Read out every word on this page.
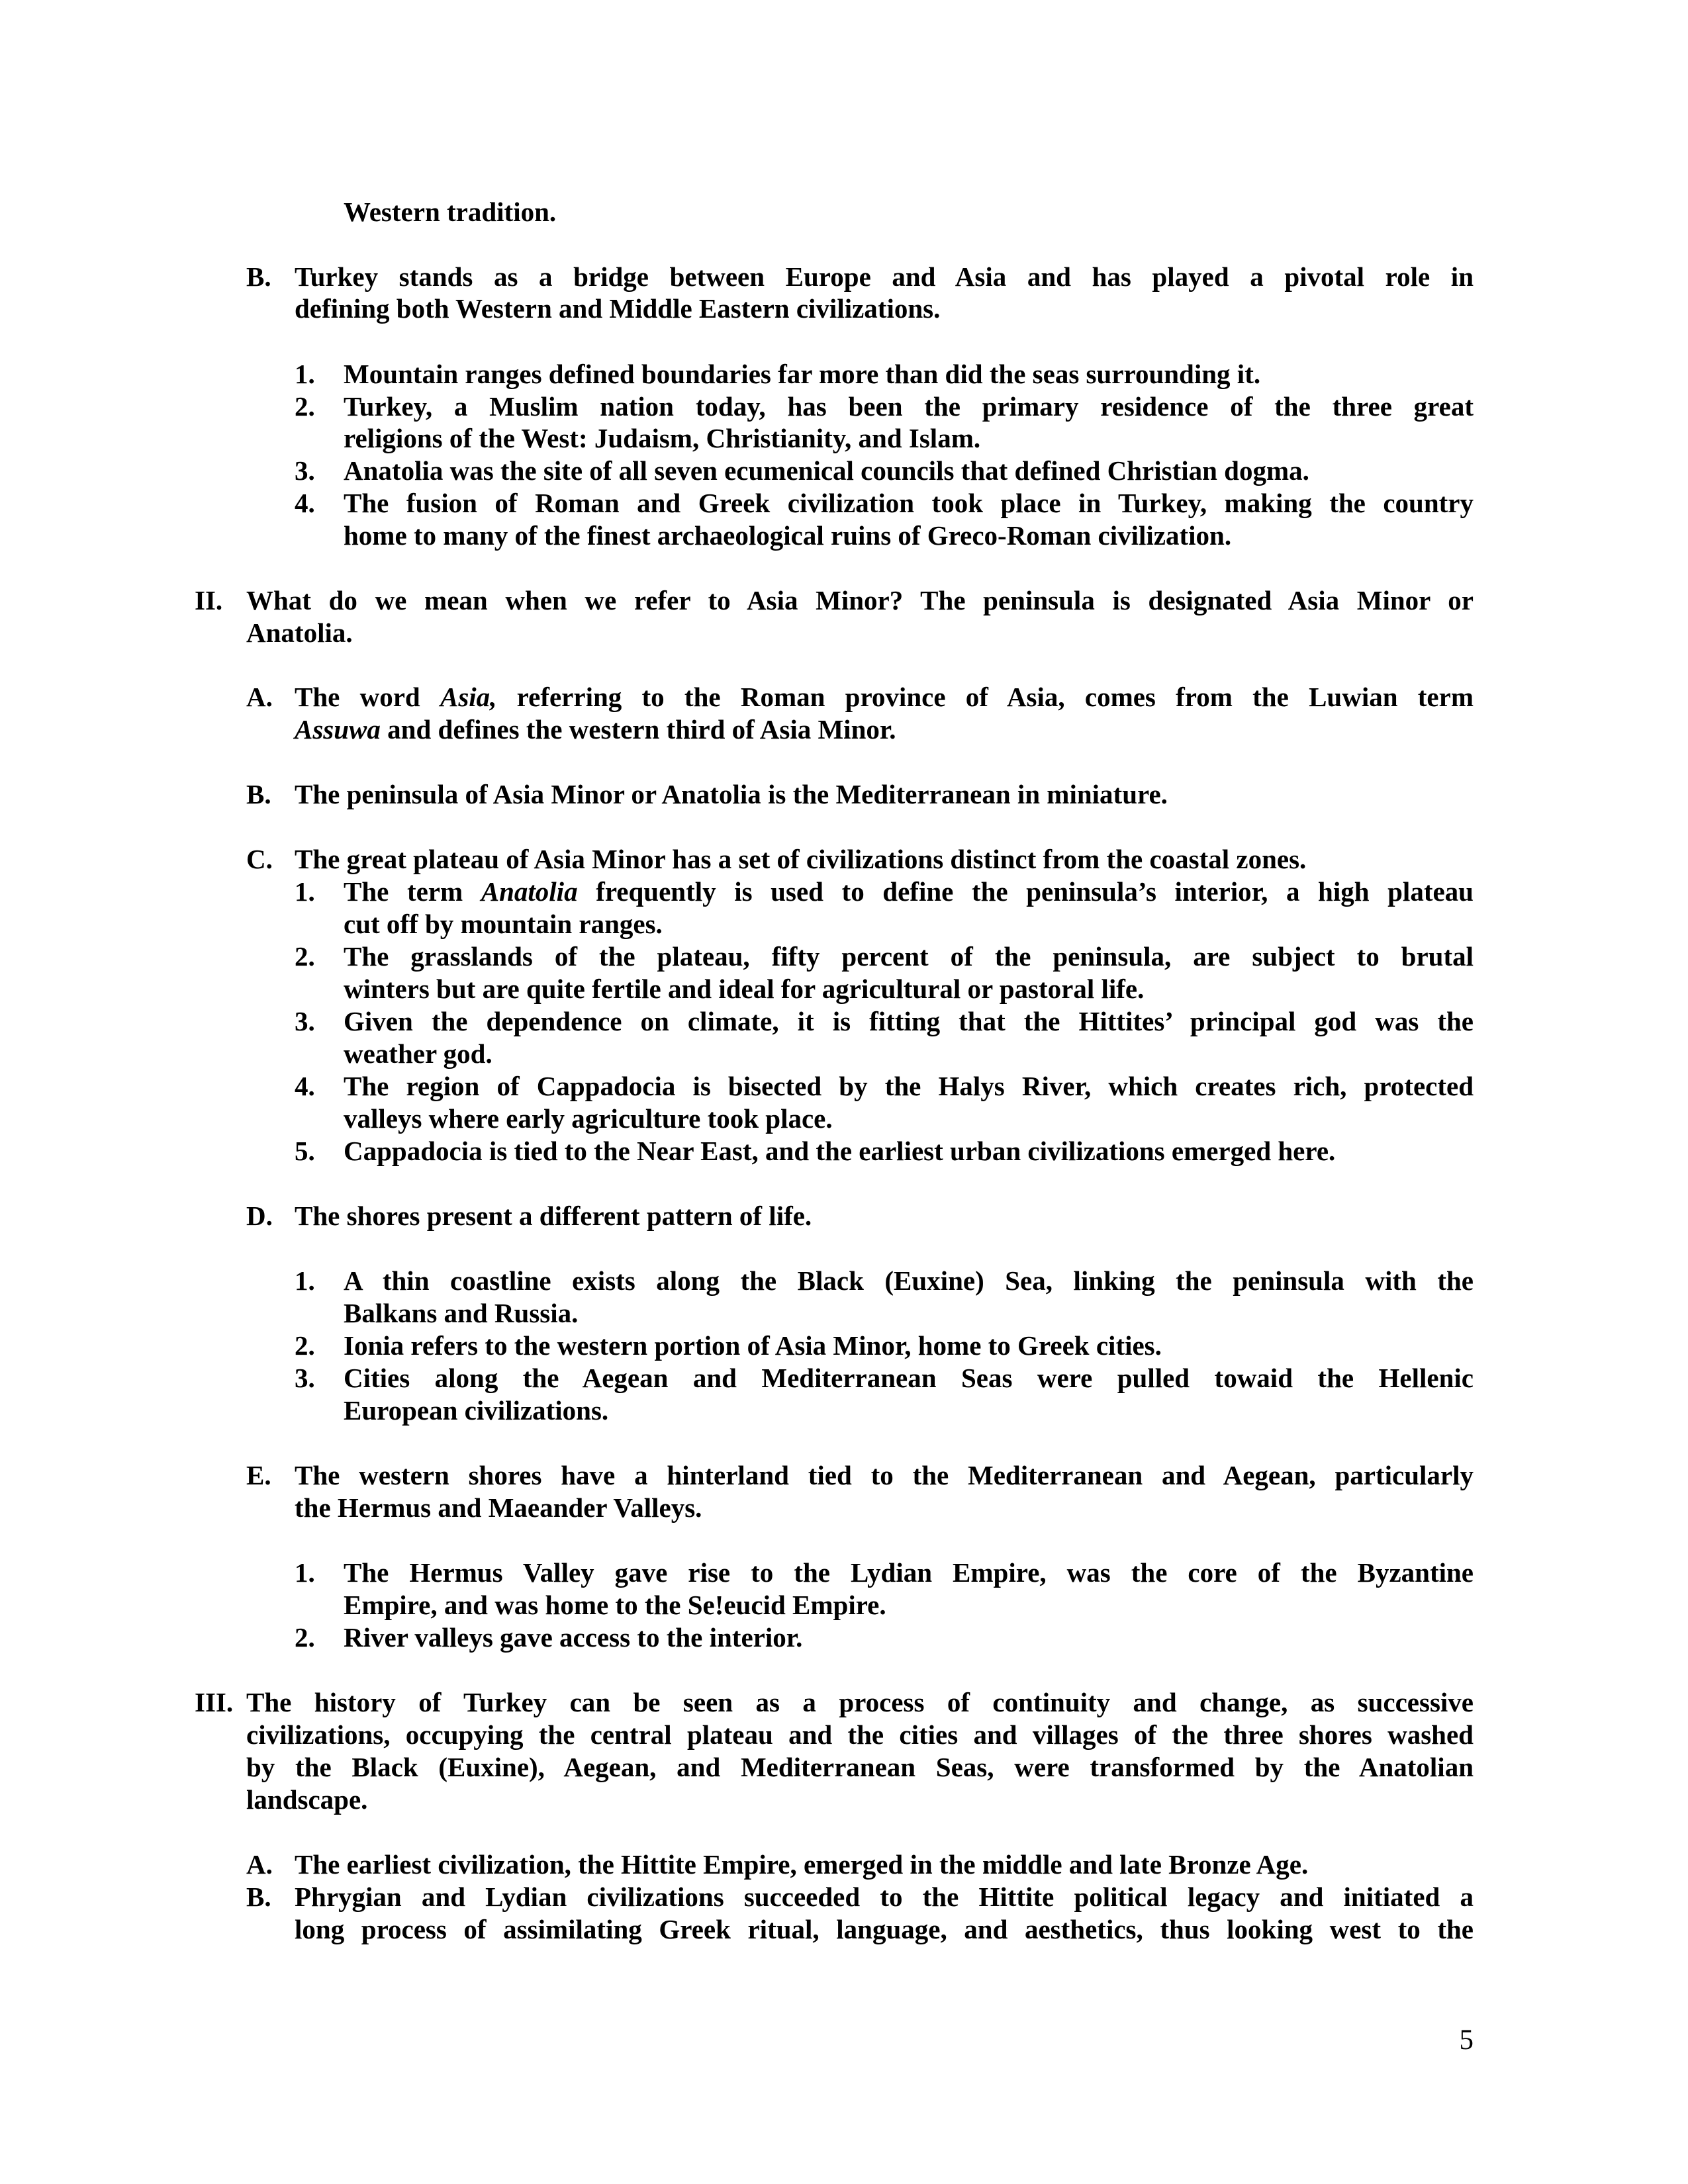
Western tradition.
B. Turkey stands as a bridge between Europe and Asia and has played a pivotal role in
defining both Western and Middle Eastern civilizations.
1. Mountain ranges defined boundaries far more than did the seas surrounding it.
2. Turkey, a Muslim nation today, has been the primary residence of the three great
religions of the West: Judaism, Christianity, and Islam.
3. Anatolia was the site of all seven ecumenical councils that defined Christian dogma.
4. The fusion of Roman and Greek civilization took place in Turkey, making the country
home to many of the finest archaeological ruins of Greco-Roman civilization.
II. What do we mean when we refer to Asia Minor? The peninsula is designated Asia Minor or
Anatolia.
A. The word Asia, referring to the Roman province of Asia, comes from the Luwian term
Assuwa and defines the western third of Asia Minor.
B. The peninsula of Asia Minor or Anatolia is the Mediterranean in miniature.
C. The great plateau of Asia Minor has a set of civilizations distinct from the coastal zones.
1. The term Anatolia frequently is used to define the peninsula’s interior, a high plateau
cut off by mountain ranges.
2. The grasslands of the plateau, fifty percent of the peninsula, are subject to brutal
winters but are quite fertile and ideal for agricultural or pastoral life.
3. Given the dependence on climate, it is fitting that the Hittites’ principal god was the
weather god.
4. The region of Cappadocia is bisected by the Halys River, which creates rich, protected
valleys where early agriculture took place.
5. Cappadocia is tied to the Near East, and the earliest urban civilizations emerged here.
D. The shores present a different pattern of life.
1. A thin coastline exists along the Black (Euxine) Sea, linking the peninsula with the
Balkans and Russia.
2. Ionia refers to the western portion of Asia Minor, home to Greek cities.
3. Cities along the Aegean and Mediterranean Seas were pulled towaid the Hellenic
European civilizations.
E. The western shores have a hinterland tied to the Mediterranean and Aegean, particularly
the Hermus and Maeander Valleys.
1. The Hermus Valley gave rise to the Lydian Empire, was the core of the Byzantine
Empire, and was home to the Se!eucid Empire.
2. River valleys gave access to the interior.
III. The history of Turkey can be seen as a process of continuity and change, as successive
civilizations, occupying the central plateau and the cities and villages of the three shores washed
by the Black (Euxine), Aegean, and Mediterranean Seas, were transformed by the Anatolian
landscape.
A. The earliest civilization, the Hittite Empire, emerged in the middle and late Bronze Age.
B. Phrygian and Lydian civilizations succeeded to the Hittite political legacy and initiated a
long process of assimilating Greek ritual, language, and aesthetics, thus looking west to the
5
